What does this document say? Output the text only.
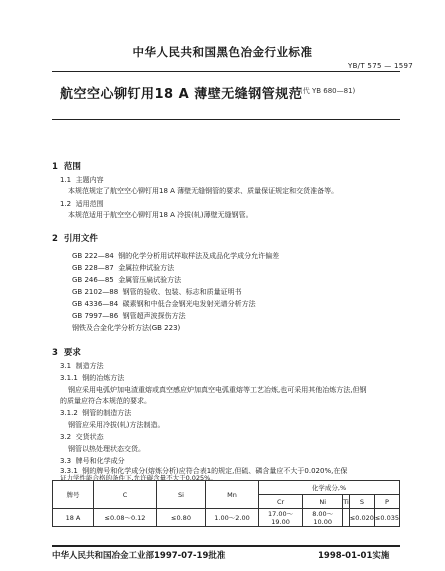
中华人民共和国黑色冶金行业标准
YB/T 575 — 1597
航空空心铆钉用18 A 薄壁无缝钢管规范
(代 YB 680—81)
1 范围
1.1 主题内容
本规范规定了航空空心铆钉用18 A 薄壁无缝钢管的要求、质量保证规定和交货准备等。
1.2 适用范围
本规范适用于航空空心铆钉用18 A 冷拔(轧)薄壁无缝钢管。
2 引用文件
GB 222—84 钢的化学分析用试样取样法及成品化学成分允许偏差
GB 228—87 金属拉伸试验方法
GB 246—85 金属管压扁试验方法
GB 2102—88 钢管的验收、包装、标志和质量证明书
GB 4336—84 碳素钢和中低合金钢光电发射光谱分析方法
GB 7997—86 钢管超声波探伤方法
钢铁及合金化学分析方法(GB 223)
3 要求
3.1 制造方法
3.1.1 钢的冶炼方法
钢应采用电弧炉加电渣重熔或真空感应炉加真空电弧重熔等工艺冶炼,也可采用其他冶炼方法,但钢
的质量应符合本规范的要求。
3.1.2 钢管的制造方法
钢管应采用冷拔(轧)方法制造。
3.2 交货状态
钢管以热处理状态交货。
3.3 牌号和化学成分
3.3.1 钢的牌号和化学成分(熔炼分析)应符合表1的规定,但硫、磷含量应不大于0.020%,在保
证力学性能合格的条件下,允许碳含量不大于0.025%。
牌号	C	Si	Mn	化学成分,%				
				Cr	Ni	Ti	S	P
18 A	≤0.08～0.12	≤0.80	1.00～2.00	17.00～19.00	8.00～10.00		≤0.020	≤0.035
中华人民共和国冶金工业部1997-07-19批准	1998-01-01实施
